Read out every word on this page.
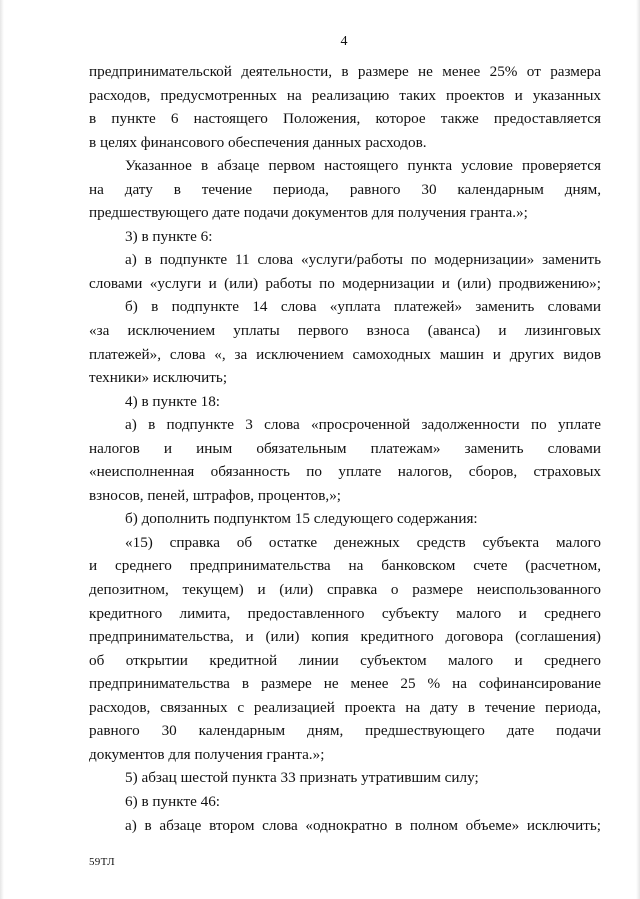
4
предпринимательской деятельности, в размере не менее 25% от размера
расходов, предусмотренных на реализацию таких проектов и указанных
в пункте 6 настоящего Положения, которое также предоставляется
в целях финансового обеспечения данных расходов.
Указанное в абзаце первом настоящего пункта условие проверяется
на дату в течение периода, равного 30 календарным дням,
предшествующего дате подачи документов для получения гранта.»;
3) в пункте 6:
а) в подпункте 11 слова «услуги/работы по модернизации» заменить
словами «услуги и (или) работы по модернизации и (или) продвижению»;
б) в подпункте 14 слова «уплата платежей» заменить словами
«за исключением уплаты первого взноса (аванса) и лизинговых
платежей», слова «, за исключением самоходных машин и других видов
техники» исключить;
4) в пункте 18:
а) в подпункте 3 слова «просроченной задолженности по уплате
налогов и иным обязательным платежам» заменить словами
«неисполненная обязанность по уплате налогов, сборов, страховых
взносов, пеней, штрафов, процентов,»;
б) дополнить подпунктом 15 следующего содержания:
«15) справка об остатке денежных средств субъекта малого
и среднего предпринимательства на банковском счете (расчетном,
депозитном, текущем) и (или) справка о размере неиспользованного
кредитного лимита, предоставленного субъекту малого и среднего
предпринимательства, и (или) копия кредитного договора (соглашения)
об открытии кредитной линии субъектом малого и среднего
предпринимательства в размере не менее 25 % на софинансирование
расходов, связанных с реализацией проекта на дату в течение периода,
равного 30 календарным дням, предшествующего дате подачи
документов для получения гранта.»;
5) абзац шестой пункта 33 признать утратившим силу;
6) в пункте 46:
а) в абзаце втором слова «однократно в полном объеме» исключить;
59ТЛ
